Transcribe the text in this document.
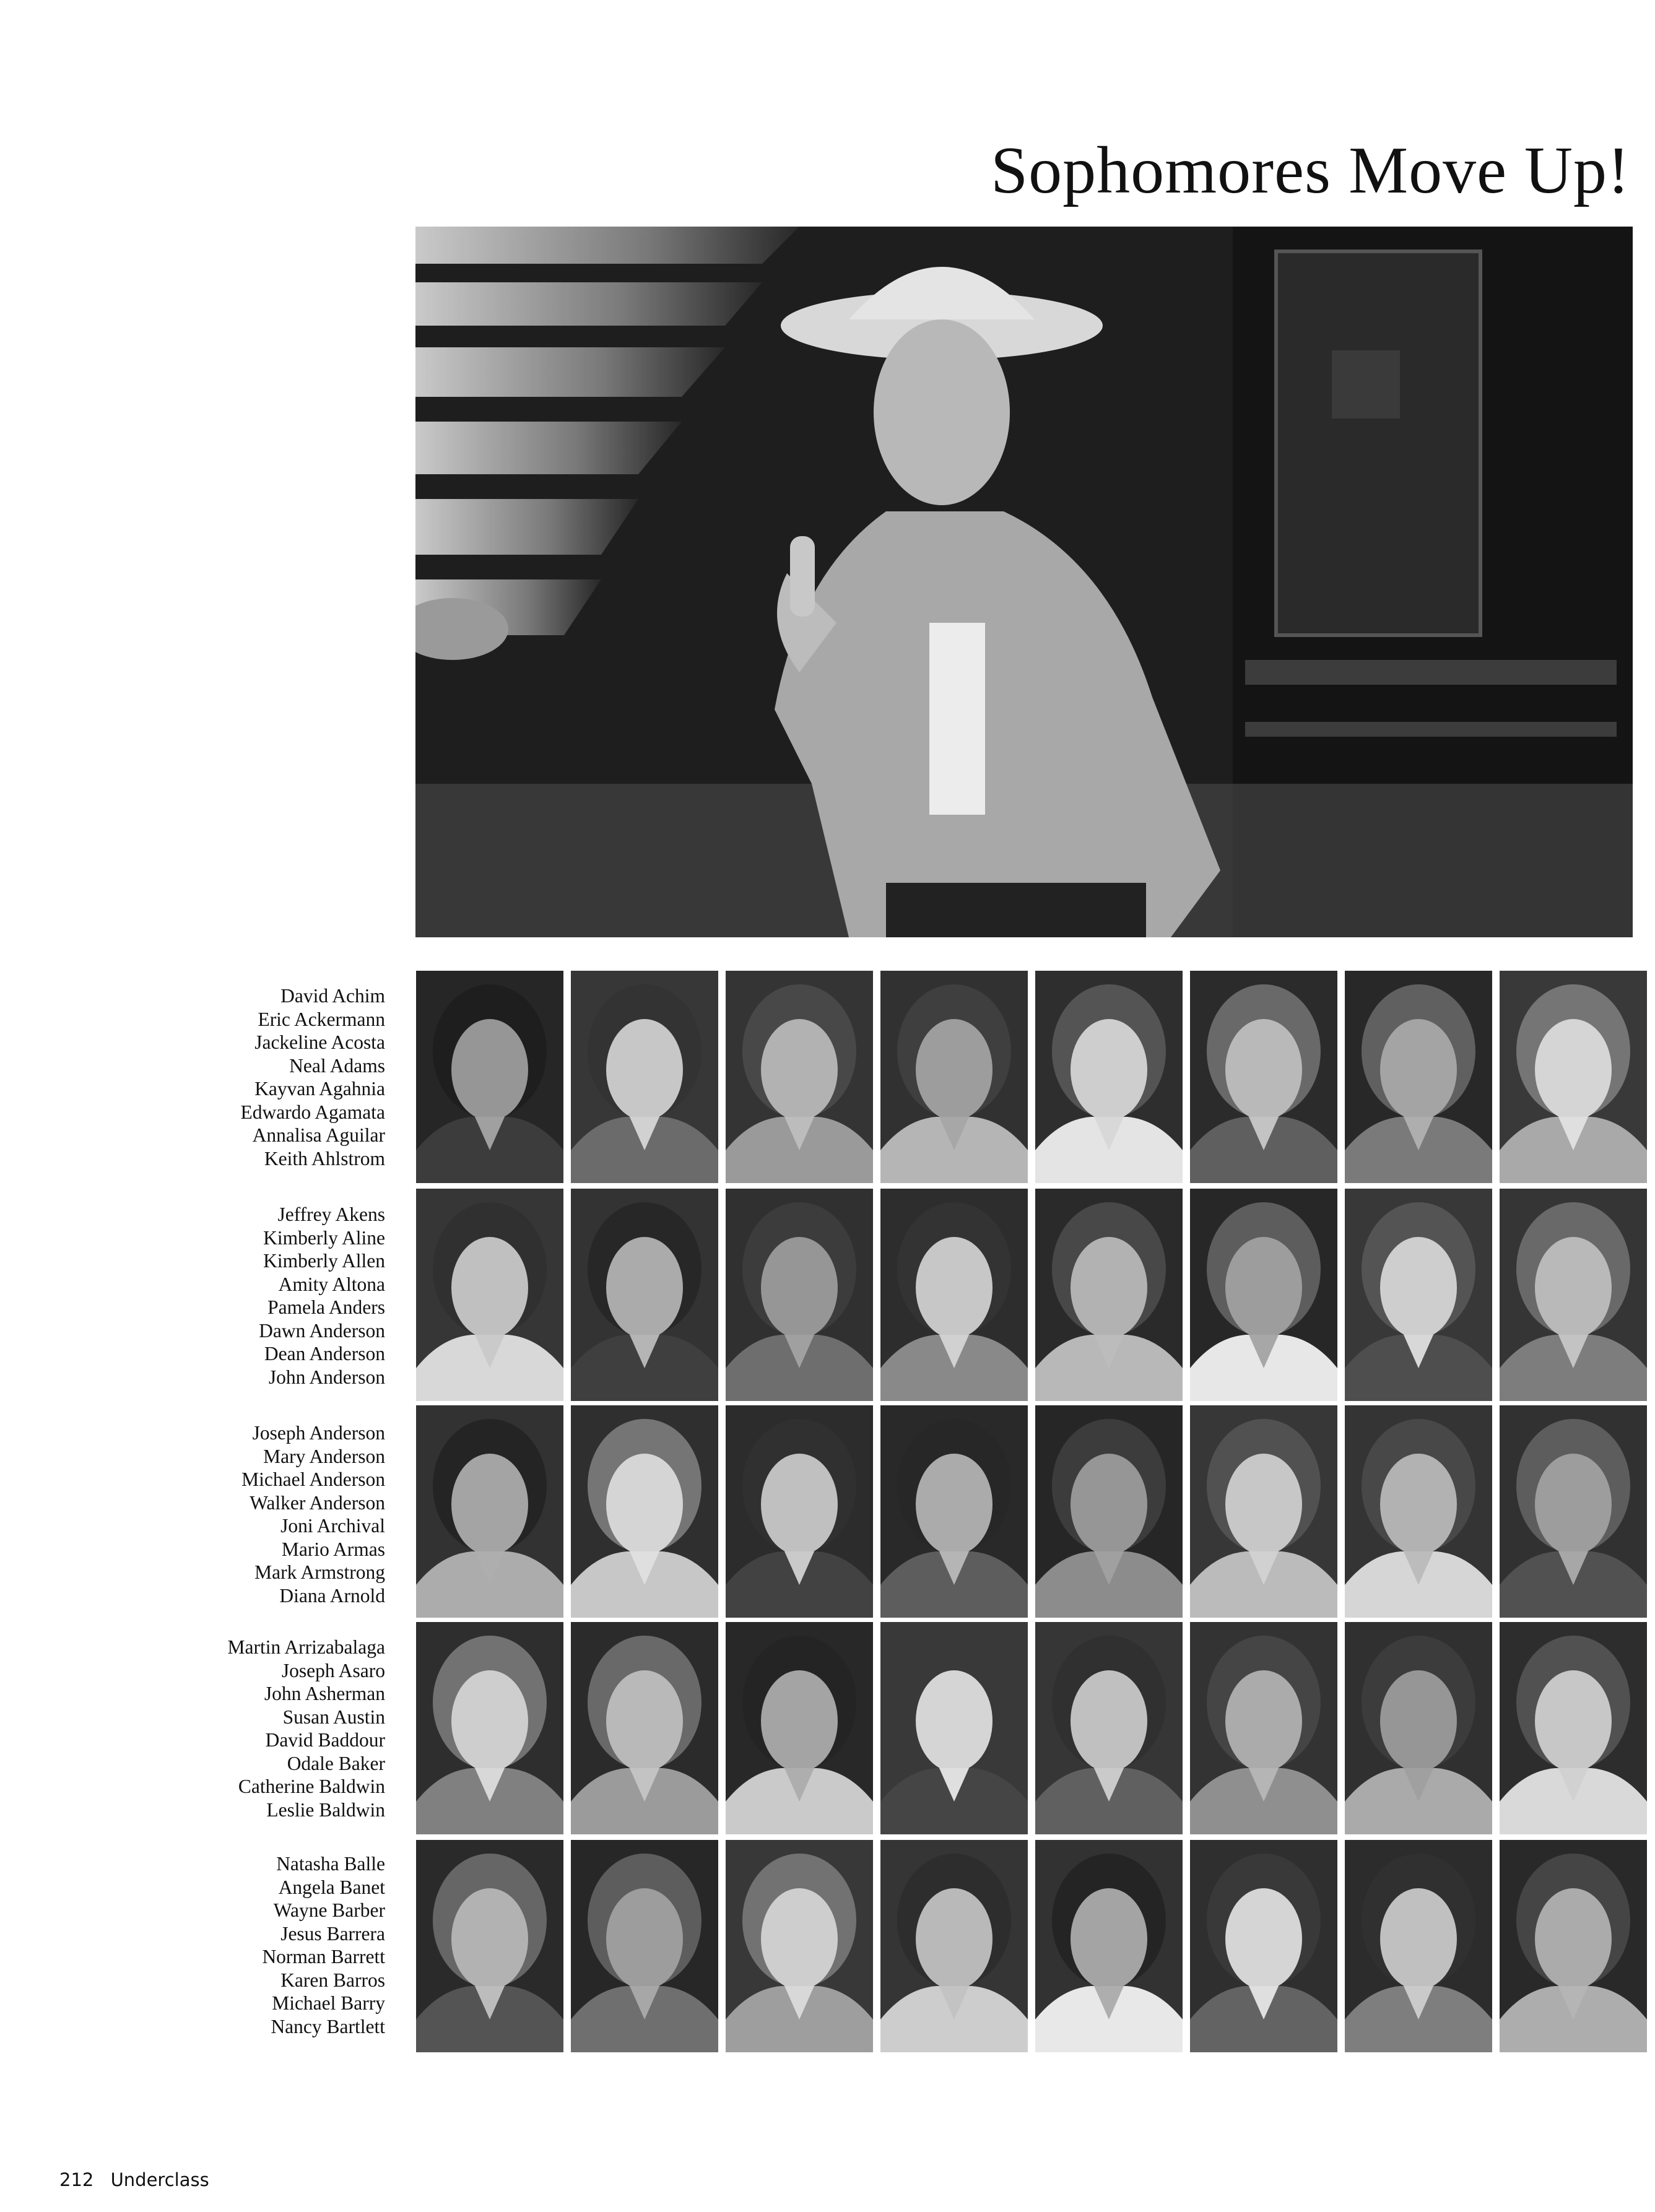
Sophomores Move Up!
David Achim
Eric Ackermann
Jackeline Acosta
Neal Adams
Kayvan Agahnia
Edwardo Agamata
Annalisa Aguilar
Keith Ahlstrom
Jeffrey Akens
Kimberly Aline
Kimberly Allen
Amity Altona
Pamela Anders
Dawn Anderson
Dean Anderson
John Anderson
Joseph Anderson
Mary Anderson
Michael Anderson
Walker Anderson
Joni Archival
Mario Armas
Mark Armstrong
Diana Arnold
Martin Arrizabalaga
Joseph Asaro
John Asherman
Susan Austin
David Baddour
Odale Baker
Catherine Baldwin
Leslie Baldwin
Natasha Balle
Angela Banet
Wayne Barber
Jesus Barrera
Norman Barrett
Karen Barros
Michael Barry
Nancy Bartlett
212 Underclass
